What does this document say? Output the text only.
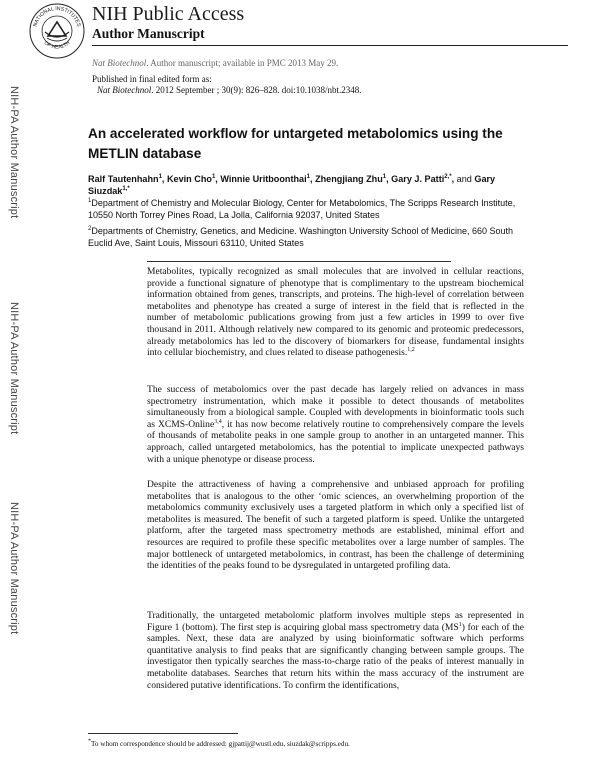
NATIONAL INSTITUTES
OF HEALTH
NIH Public Access
Author Manuscript
Nat Biotechnol. Author manuscript; available in PMC 2013 May 29.
Published in final edited form as:
Nat Biotechnol. 2012 September ; 30(9): 826–828. doi:10.1038/nbt.2348.
NIH-PA Author Manuscript
NIH-PA Author Manuscript
NIH-PA Author Manuscript
An accelerated workflow for untargeted metabolomics using the METLIN database
Ralf Tautenhahn$^1$, Kevin Cho$^1$, Winnie Uritboonthai$^1$, Zhengjiang Zhu$^1$, Gary J. Patti$^{2,*}$, and Gary Siuzdak$^{1,*}$
$^1$Department of Chemistry and Molecular Biology, Center for Metabolomics, The Scripps Research Institute, 10550 North Torrey Pines Road, La Jolla, California 92037, United States
$^2$Departments of Chemistry, Genetics, and Medicine. Washington University School of Medicine, 660 South Euclid Ave, Saint Louis, Missouri 63110, United States

Metabolites, typically recognized as small molecules that are involved in cellular reactions, provide a functional signature of phenotype that is complimentary to the upstream biochemical information obtained from genes, transcripts, and proteins. The high-level of correlation between metabolites and phenotype has created a surge of interest in the field that is reflected in the number of metabolomic publications growing from just a few articles in 1999 to over five thousand in 2011. Although relatively new compared to its genomic and proteomic predecessors, already metabolomics has led to the discovery of biomarkers for disease, fundamental insights into cellular biochemistry, and clues related to disease pathogenesis.$^{1,2}$

The success of metabolomics over the past decade has largely relied on advances in mass spectrometry instrumentation, which make it possible to detect thousands of metabolites simultaneously from a biological sample. Coupled with developments in bioinformatic tools such as XCMS-Online$^{3,4}$, it has now become relatively routine to comprehensively compare the levels of thousands of metabolite peaks in one sample group to another in an untargeted manner. This approach, called untargeted metabolomics, has the potential to implicate unexpected pathways with a unique phenotype or disease process.

Despite the attractiveness of having a comprehensive and unbiased approach for profiling metabolites that is analogous to the other ‘omic sciences, an overwhelming proportion of the metabolomics community exclusively uses a targeted platform in which only a specified list of metabolites is measured. The benefit of such a targeted platform is speed. Unlike the untargeted platform, after the targeted mass spectrometry methods are established, minimal effort and resources are required to profile these specific metabolites over a large number of samples. The major bottleneck of untargeted metabolomics, in contrast, has been the challenge of determining the identities of the peaks found to be dysregulated in untargeted profiling data.

Traditionally, the untargeted metabolomic platform involves multiple steps as represented in Figure 1 (bottom). The first step is acquiring global mass spectrometry data $(MS^1)$ for each of the samples. Next, these data are analyzed by using bioinformatic software which performs quantitative analysis to find peaks that are significantly changing between sample groups. The investigator then typically searches the mass-to-charge ratio of the peaks of interest manually in metabolite databases. Searches that return hits within the mass accuracy of the instrument are considered putative identifications. To confirm the identifications,

*To whom correspondence should be addressed: gjpattij@wustl.edu, siuzdak@scripps.edu.
